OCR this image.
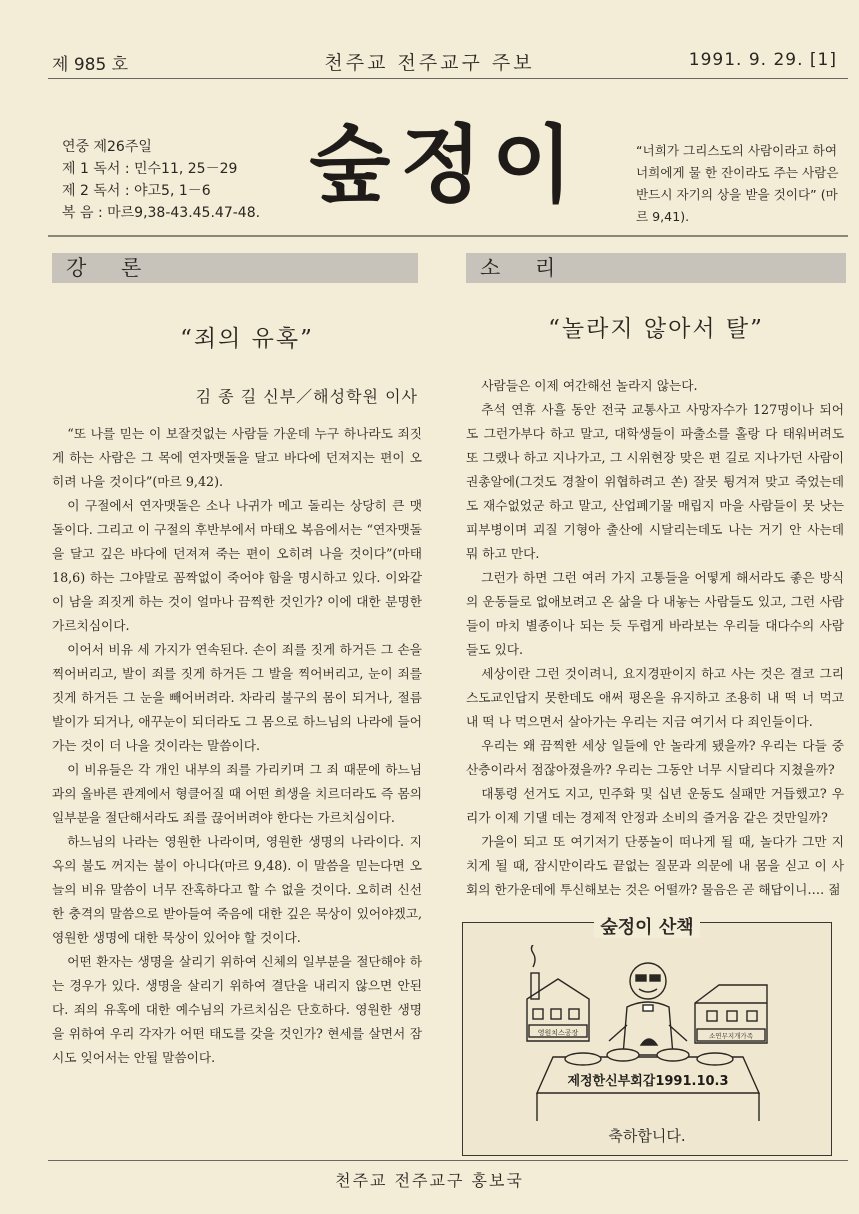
제 985 호	천주교 전주교구 주보	1991. 9. 29. [1]
연중 제26주일
제 1 독서 : 민수11, 25－29
제 2 독서 : 야고5, 1－6
복 음 : 마르9,38-43.45.47-48. 숲정이	“너희가 그리스도의 사람이라고 하여 너희에게 물 한 잔이라도 주는 사람은 반드시 자기의 상을 받을 것이다” (마르 9,41).
강 론	소 리
“죄의 유혹”
김 종 길 신부／해성학원 이사

“또 나를 믿는 이 보잘것없는 사람들 가운데 누구 하나라도 죄짓게 하는 사람은 그 목에 연자맷돌을 달고 바다에 던져지는 편이 오히려 나을 것이다”(마르 9,42).

이 구절에서 연자맷돌은 소나 나귀가 메고 돌리는 상당히 큰 맷돌이다. 그리고 이 구절의 후반부에서 마태오 복음에서는 “연자맷돌을 달고 깊은 바다에 던져져 죽는 편이 오히려 나을 것이다”(마태 18,6) 하는 그야말로 꼼짝없이 죽어야 함을 명시하고 있다. 이와같이 남을 죄짓게 하는 것이 얼마나 끔찍한 것인가? 이에 대한 분명한 가르치심이다.

이어서 비유 세 가지가 연속된다. 손이 죄를 짓게 하거든 그 손을 찍어버리고, 발이 죄를 짓게 하거든 그 발을 찍어버리고, 눈이 죄를 짓게 하거든 그 눈을 빼어버려라. 차라리 불구의 몸이 되거나, 절름발이가 되거나, 애꾸눈이 되더라도 그 몸으로 하느님의 나라에 들어가는 것이 더 나을 것이라는 말씀이다.

이 비유들은 각 개인 내부의 죄를 가리키며 그 죄 때문에 하느님과의 올바른 관계에서 형클어질 때 어떤 희생을 치르더라도 즉 몸의 일부분을 절단해서라도 죄를 끊어버려야 한다는 가르치심이다.

하느님의 나라는 영원한 나라이며, 영원한 생명의 나라이다. 지옥의 불도 꺼지는 불이 아니다(마르 9,48). 이 말씀을 믿는다면 오늘의 비유 말씀이 너무 잔혹하다고 할 수 없을 것이다. 오히려 신선한 충격의 말씀으로 받아들여 죽음에 대한 깊은 묵상이 있어야겠고, 영원한 생명에 대한 묵상이 있어야 할 것이다.

어떤 환자는 생명을 살리기 위하여 신체의 일부분을 절단해야 하는 경우가 있다. 생명을 살리기 위하여 결단을 내리지 않으면 안된다. 죄의 유혹에 대한 예수님의 가르치심은 단호하다. 영원한 생명을 위하여 우리 각자가 어떤 태도를 갖을 것인가? 현세를 살면서 잠시도 잊어서는 안될 말씀이다.

“놀라지 않아서 탈”

사람들은 이제 여간해선 놀라지 않는다.

추석 연휴 사흘 동안 전국 교통사고 사망자수가 127명이나 되어도 그런가부다 하고 말고, 대학생들이 파출소를 홀랑 다 태워버려도 또 그랬나 하고 지나가고, 그 시위현장 맞은 편 길로 지나가던 사람이 권총알에(그것도 경찰이 위협하려고 쏜) 잘못 튕겨져 맞고 죽었는데도 재수없었군 하고 말고, 산업폐기물 매립지 마을 사람들이 못 낫는 피부병이며 괴질 기형아 출산에 시달리는데도 나는 거기 안 사는데 뭐 하고 만다.

그런가 하면 그런 여러 가지 고통들을 어떻게 해서라도 좋은 방식의 운동들로 없애보려고 온 삶을 다 내놓는 사람들도 있고, 그런 사람들이 마치 별종이나 되는 듯 두렵게 바라보는 우리들 대다수의 사람들도 있다.

세상이란 그런 것이려니, 요지경판이지 하고 사는 것은 결코 그리스도교인답지 못한데도 애써 평온을 유지하고 조용히 내 떡 너 먹고 내 떡 나 먹으면서 살아가는 우리는 지금 여기서 다 죄인들이다.

우리는 왜 끔찍한 세상 일들에 안 놀라게 됐을까? 우리는 다들 중산층이라서 점잖아졌을까? 우리는 그동안 너무 시달리다 지쳤을까?

대통령 선거도 지고, 민주화 및 십년 운동도 실패만 거듭했고? 우리가 이제 기댈 데는 경제적 안정과 소비의 즐거움 같은 것만일까?

가을이 되고 또 여기저기 단풍놀이 떠나게 될 때, 놀다가 그만 지치게 될 때, 잠시만이라도 끝없는 질문과 의문에 내 몸을 싣고 이 사회의 한가운데에 투신해보는 것은 어떨까? 물음은 곧 해답이니…. 젊

숲정이 산책
영원치스공장	소연무지개가족
제정한신부회갑1991.10.3
축하합니다.
천주교 전주교구 홍보국
